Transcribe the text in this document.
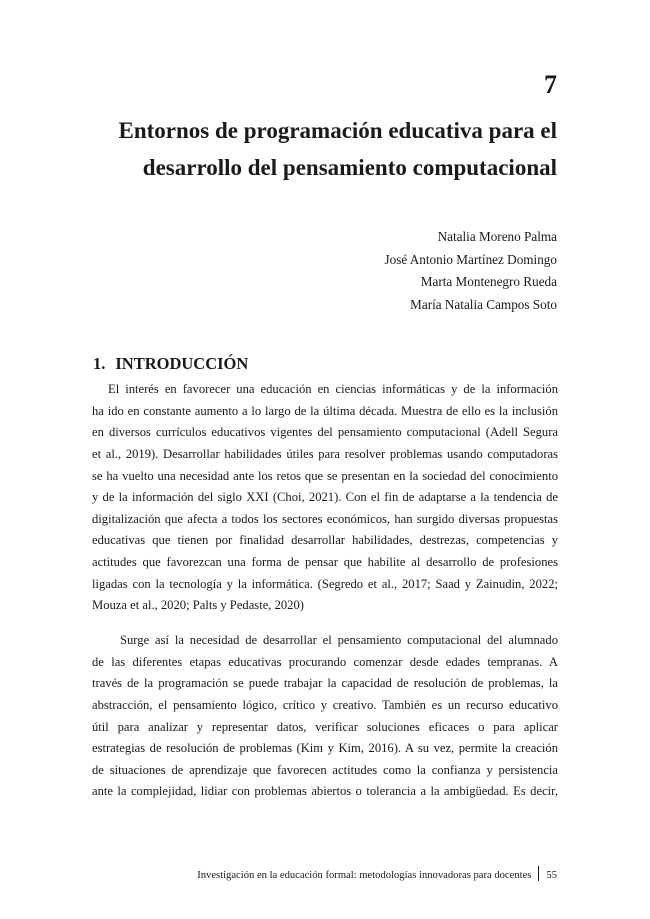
7
Entornos de programación educativa para el
desarrollo del pensamiento computacional
Natalia Moreno Palma
José Antonio Martínez Domingo
Marta Montenegro Rueda
María Natalia Campos Soto
1. INTRODUCCIÓN
El interés en favorecer una educación en ciencias informáticas y de la información
ha ido en constante aumento a lo largo de la última década. Muestra de ello es la inclusión
en diversos currículos educativos vigentes del pensamiento computacional (Adell Segura
et al., 2019). Desarrollar habilidades útiles para resolver problemas usando computadoras
se ha vuelto una necesidad ante los retos que se presentan en la sociedad del conocimiento
y de la información del siglo XXI (Choi, 2021). Con el fin de adaptarse a la tendencia de
digitalización que afecta a todos los sectores económicos, han surgido diversas propuestas
educativas que tienen por finalidad desarrollar habilidades, destrezas, competencias y
actitudes que favorezcan una forma de pensar que habilite al desarrollo de profesiones
ligadas con la tecnología y la informática. (Segredo et al., 2017; Saad y Zainudin, 2022;
Mouza et al., 2020; Palts y Pedaste, 2020)
Surge así la necesidad de desarrollar el pensamiento computacional del alumnado
de las diferentes etapas educativas procurando comenzar desde edades tempranas. A
través de la programación se puede trabajar la capacidad de resolución de problemas, la
abstracción, el pensamiento lógico, crítico y creativo. También es un recurso educativo
útil para analizar y representar datos, verificar soluciones eficaces o para aplicar
estrategias de resolución de problemas (Kim y Kim, 2016). A su vez, permite la creación
de situaciones de aprendizaje que favorecen actitudes como la confianza y persistencia
ante la complejidad, lidiar con problemas abiertos o tolerancia a la ambigüedad. Es decir,
Investigación en la educación formal: metodologías innovadoras para docentes 55
